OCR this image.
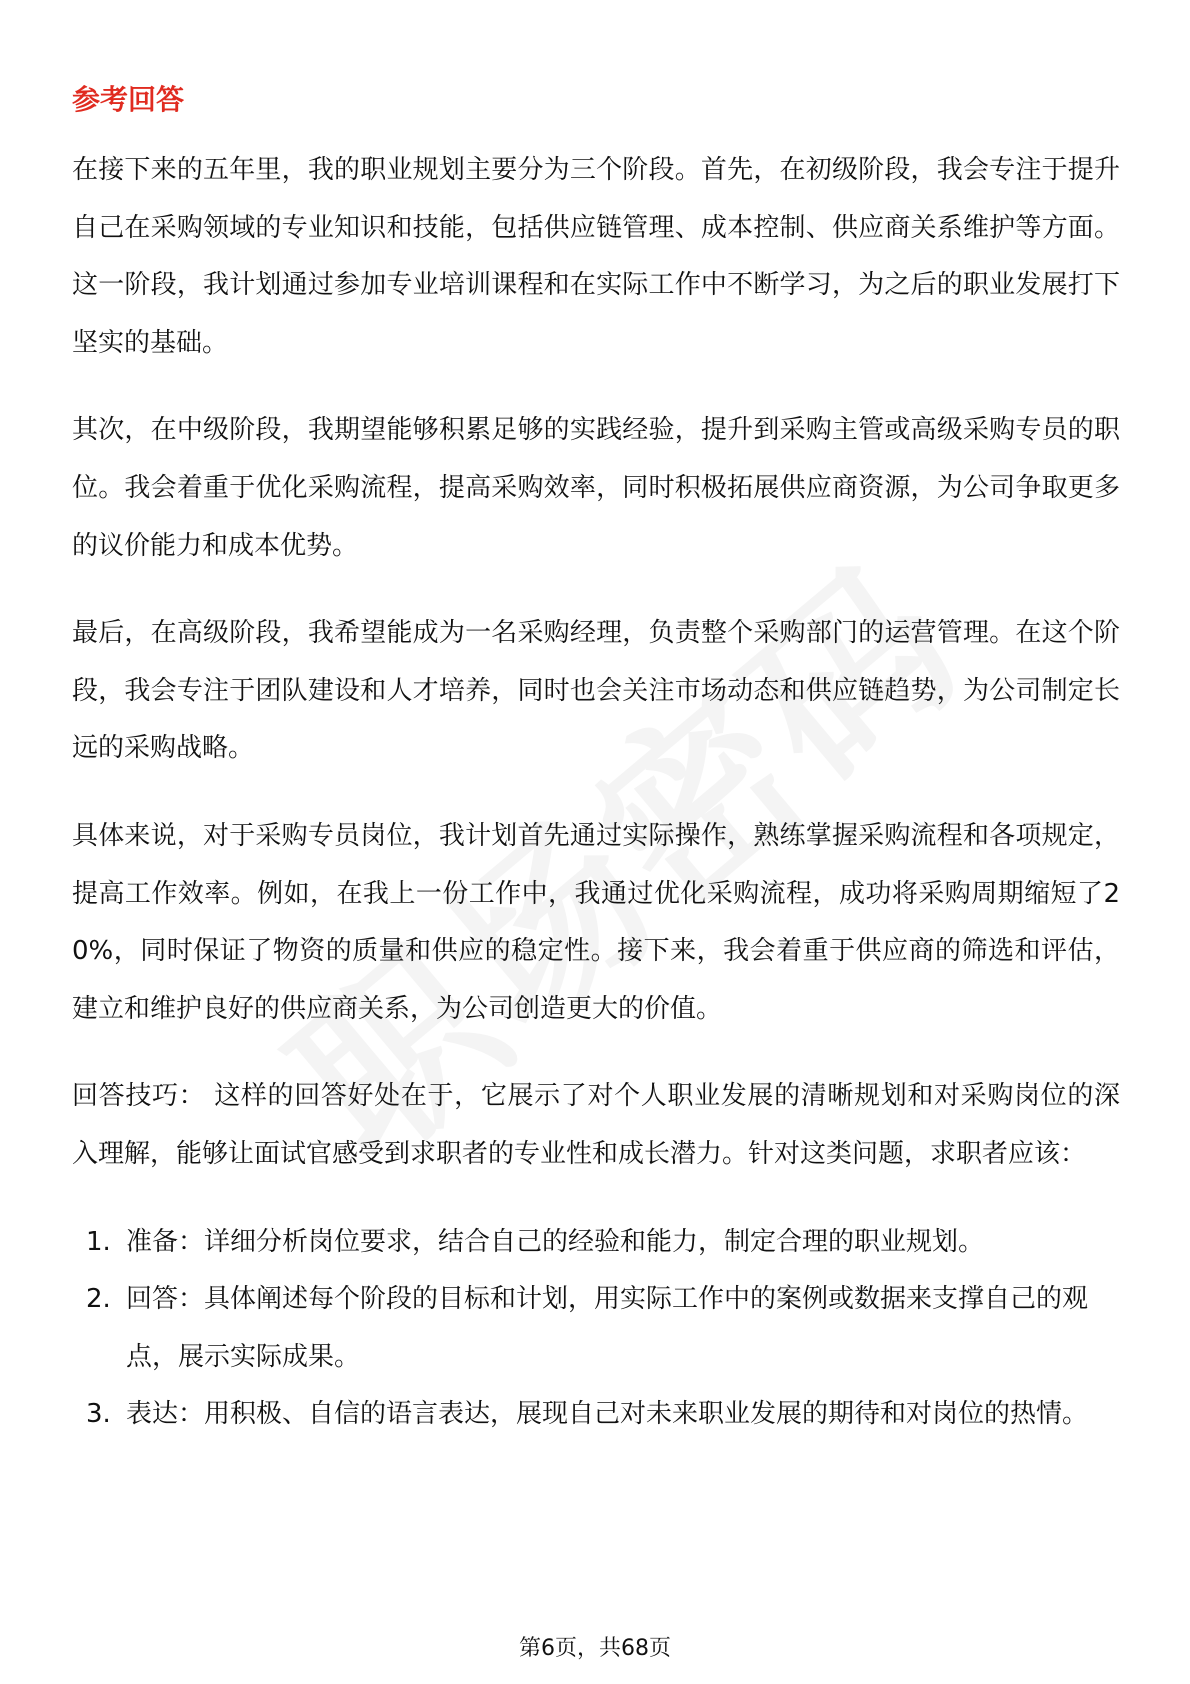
参考回答

在接下来的五年里，我的职业规划主要分为三个阶段。首先，在初级阶段，我会专注于提升自己在采购领域的专业知识和技能，包括供应链管理、成本控制、供应商关系维护等方面。这一阶段，我计划通过参加专业培训课程和在实际工作中不断学习，为之后的职业发展打下坚实的基础。

其次，在中级阶段，我期望能够积累足够的实践经验，提升到采购主管或高级采购专员的职位。我会着重于优化采购流程，提高采购效率，同时积极拓展供应商资源，为公司争取更多的议价能力和成本优势。

最后，在高级阶段，我希望能成为一名采购经理，负责整个采购部门的运营管理。在这个阶段，我会专注于团队建设和人才培养，同时也会关注市场动态和供应链趋势，为公司制定长远的采购战略。

具体来说，对于采购专员岗位，我计划首先通过实际操作，熟练掌握采购流程和各项规定，提高工作效率。例如，在我上一份工作中，我通过优化采购流程，成功将采购周期缩短了20%，同时保证了物资的质量和供应的稳定性。接下来，我会着重于供应商的筛选和评估，建立和维护良好的供应商关系，为公司创造更大的价值。

回答技巧： 这样的回答好处在于，它展示了对个人职业发展的清晰规划和对采购岗位的深入理解，能够让面试官感受到求职者的专业性和成长潜力。针对这类问题，求职者应该：

1. 准备：详细分析岗位要求，结合自己的经验和能力，制定合理的职业规划。
2. 回答：具体阐述每个阶段的目标和计划，用实际工作中的案例或数据来支撑自己的观点，展示实际成果。
3. 表达：用积极、自信的语言表达，展现自己对未来职业发展的期待和对岗位的热情。
第6页，共68页
